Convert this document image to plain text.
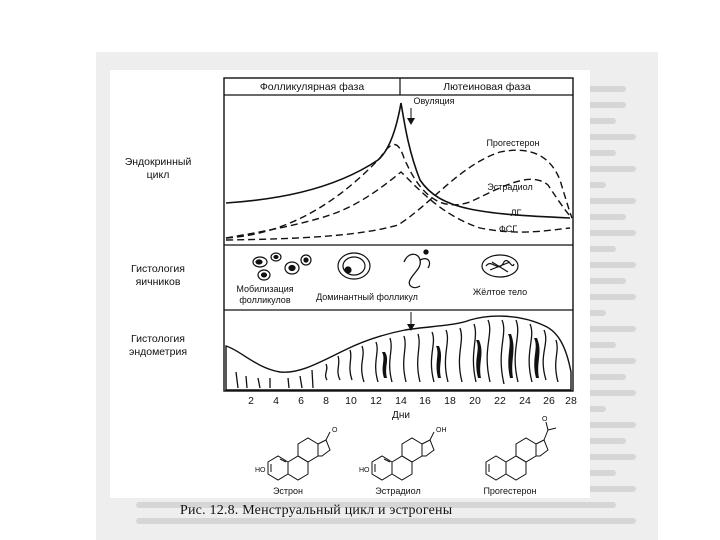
Фолликулярная фаза	Лютеиновая фаза
Эндокринный
цикл
Гистология
яичников
Гистология
эндометрия
Овуляция
Прогестерон
Эстрадиол
ЛГ
ФСГ
Мобилизация
фолликулов	Доминантный фолликул	Жёлтое тело
2 4 6 8 10 12 14 16 18 20 22 24 26 28
Дни
O
HO
Эстрон
OH
HO
Эстрадиол
O
Прогестерон
Рис. 12.8. Менструальный цикл и эстрогены
